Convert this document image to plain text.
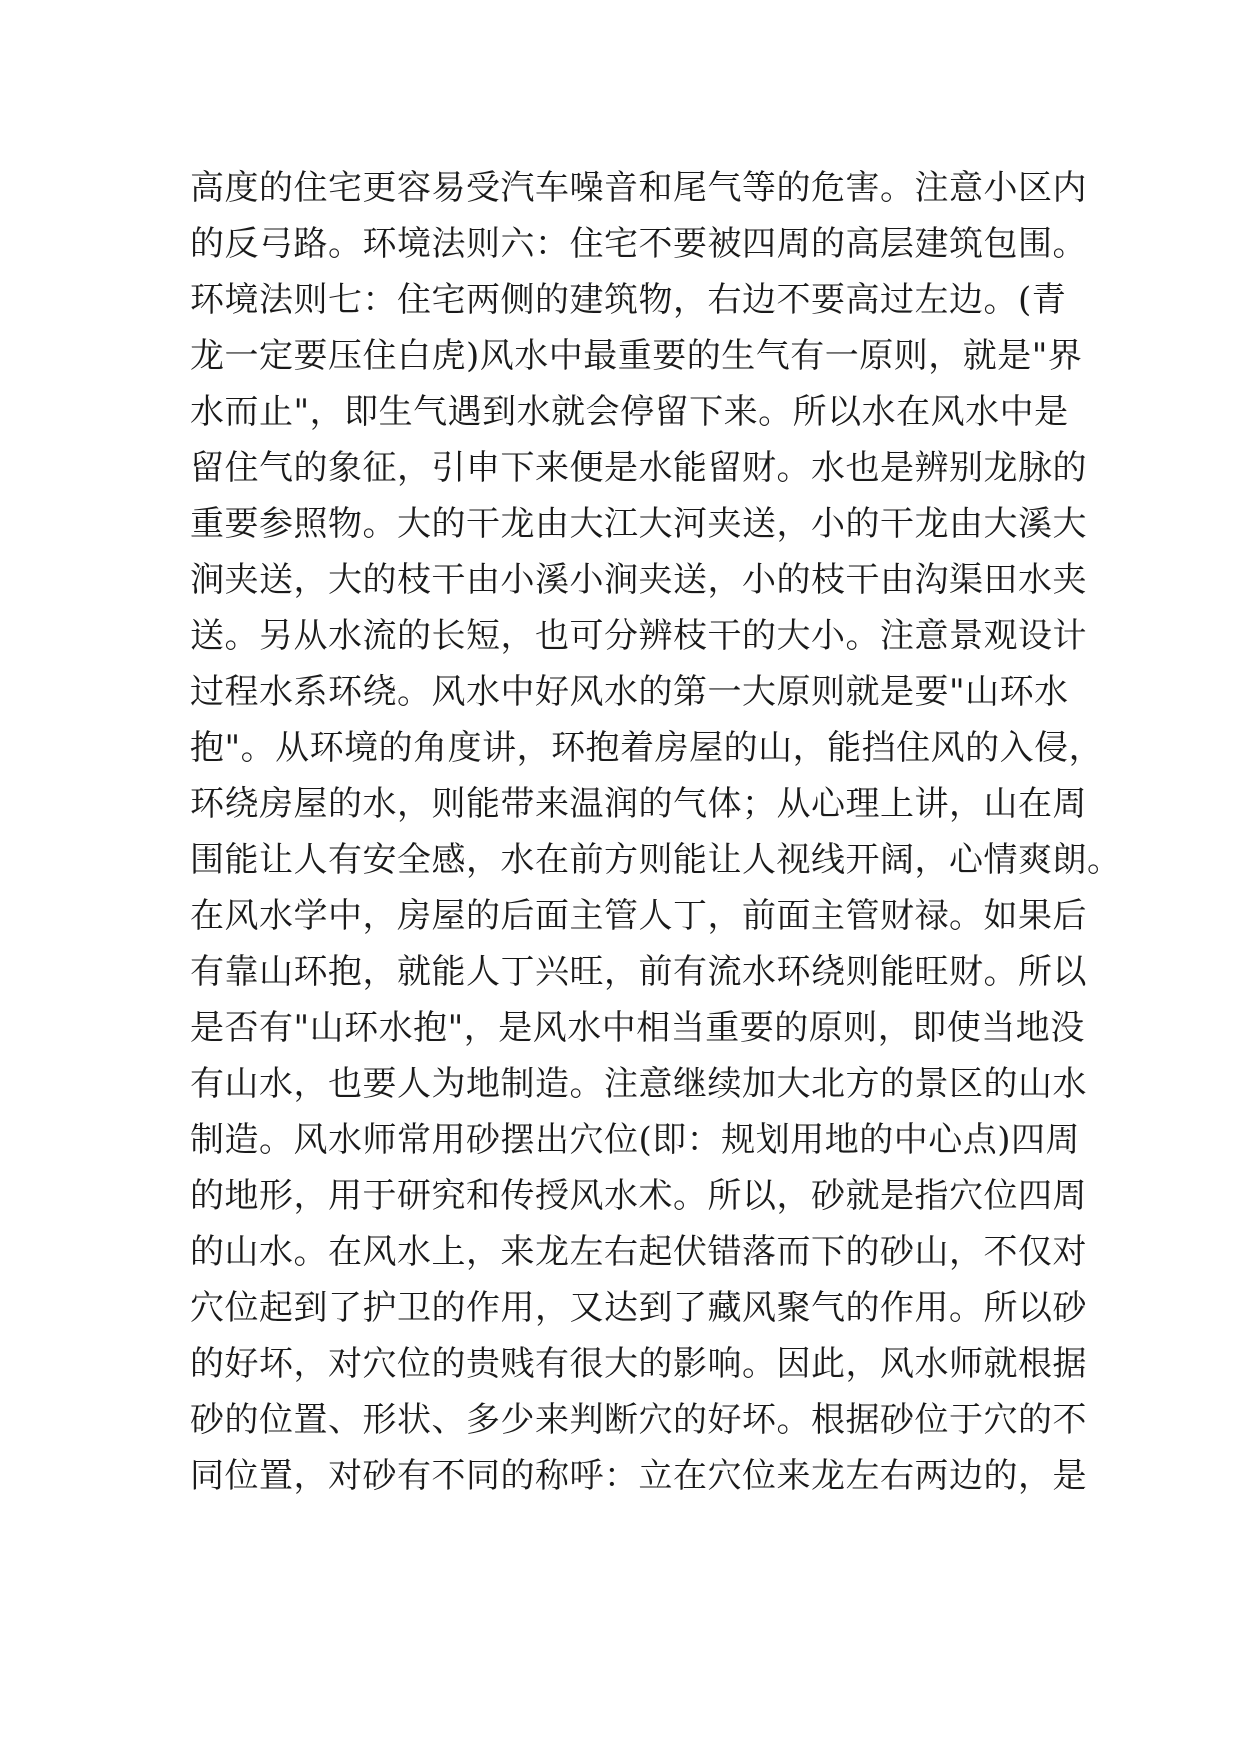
高度的住宅更容易受汽车噪音和尾气等的危害。注意小区内
的反弓路。环境法则六：住宅不要被四周的高层建筑包围。
环境法则七：住宅两侧的建筑物，右边不要高过左边。(青
龙一定要压住白虎)风水中最重要的生气有一原则，就是"界
水而止"，即生气遇到水就会停留下来。所以水在风水中是
留住气的象征，引申下来便是水能留财。水也是辨别龙脉的
重要参照物。大的干龙由大江大河夹送，小的干龙由大溪大
涧夹送，大的枝干由小溪小涧夹送，小的枝干由沟渠田水夹
送。另从水流的长短，也可分辨枝干的大小。注意景观设计
过程水系环绕。风水中好风水的第一大原则就是要"山环水
抱"。从环境的角度讲，环抱着房屋的山，能挡住风的入侵，
环绕房屋的水，则能带来温润的气体；从心理上讲，山在周
围能让人有安全感，水在前方则能让人视线开阔，心情爽朗。
在风水学中，房屋的后面主管人丁，前面主管财禄。如果后
有靠山环抱，就能人丁兴旺，前有流水环绕则能旺财。所以
是否有"山环水抱"，是风水中相当重要的原则，即使当地没
有山水，也要人为地制造。注意继续加大北方的景区的山水
制造。风水师常用砂摆出穴位(即：规划用地的中心点)四周
的地形，用于研究和传授风水术。所以，砂就是指穴位四周
的山水。在风水上，来龙左右起伏错落而下的砂山，不仅对
穴位起到了护卫的作用，又达到了藏风聚气的作用。所以砂
的好坏，对穴位的贵贱有很大的影响。因此，风水师就根据
砂的位置、形状、多少来判断穴的好坏。根据砂位于穴的不
同位置，对砂有不同的称呼：立在穴位来龙左右两边的，是
